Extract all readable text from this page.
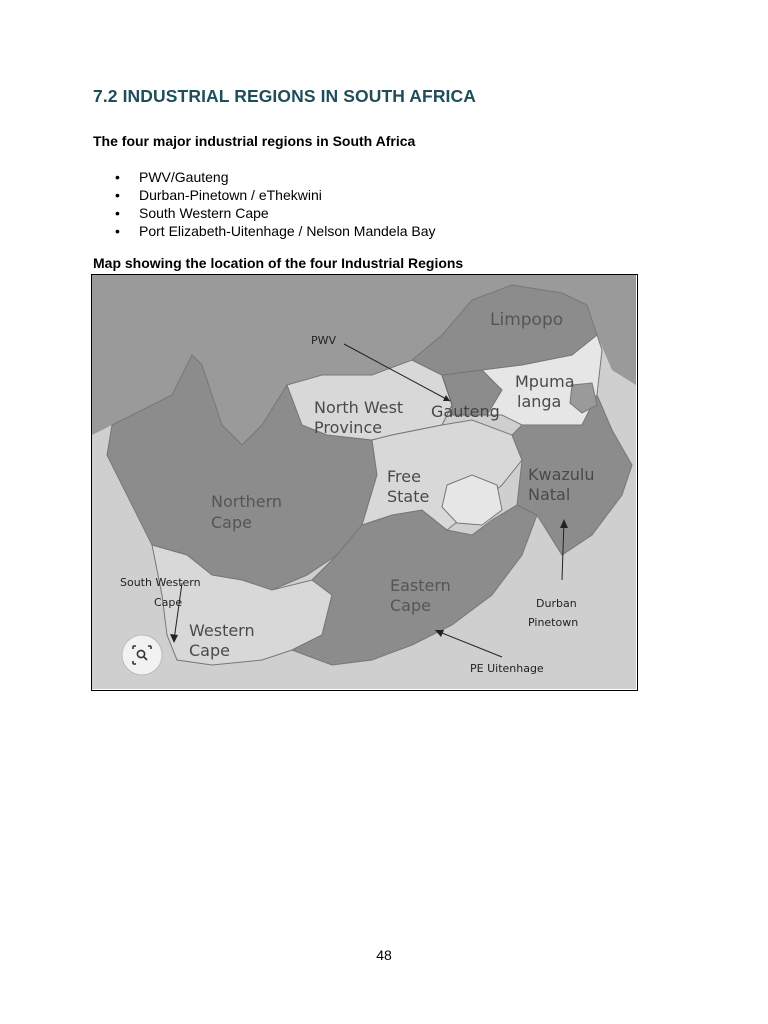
7.2 INDUSTRIAL REGIONS IN SOUTH AFRICA

The four major industrial regions in South Africa

• PWV/Gauteng
• Durban-Pinetown / eThekwini
• South Western Cape
• Port Elizabeth-Uitenhage / Nelson Mandela Bay

Map showing the location of the four Industrial Regions

Limpopo
Mpuma
langa
North West
Province
Gauteng
Free
State
Kwazulu
Natal
Northern
Cape
Eastern
Cape
Western
Cape
PWV
South Western
Cape	Durban
Pinetown
PE Uitenhage
48
